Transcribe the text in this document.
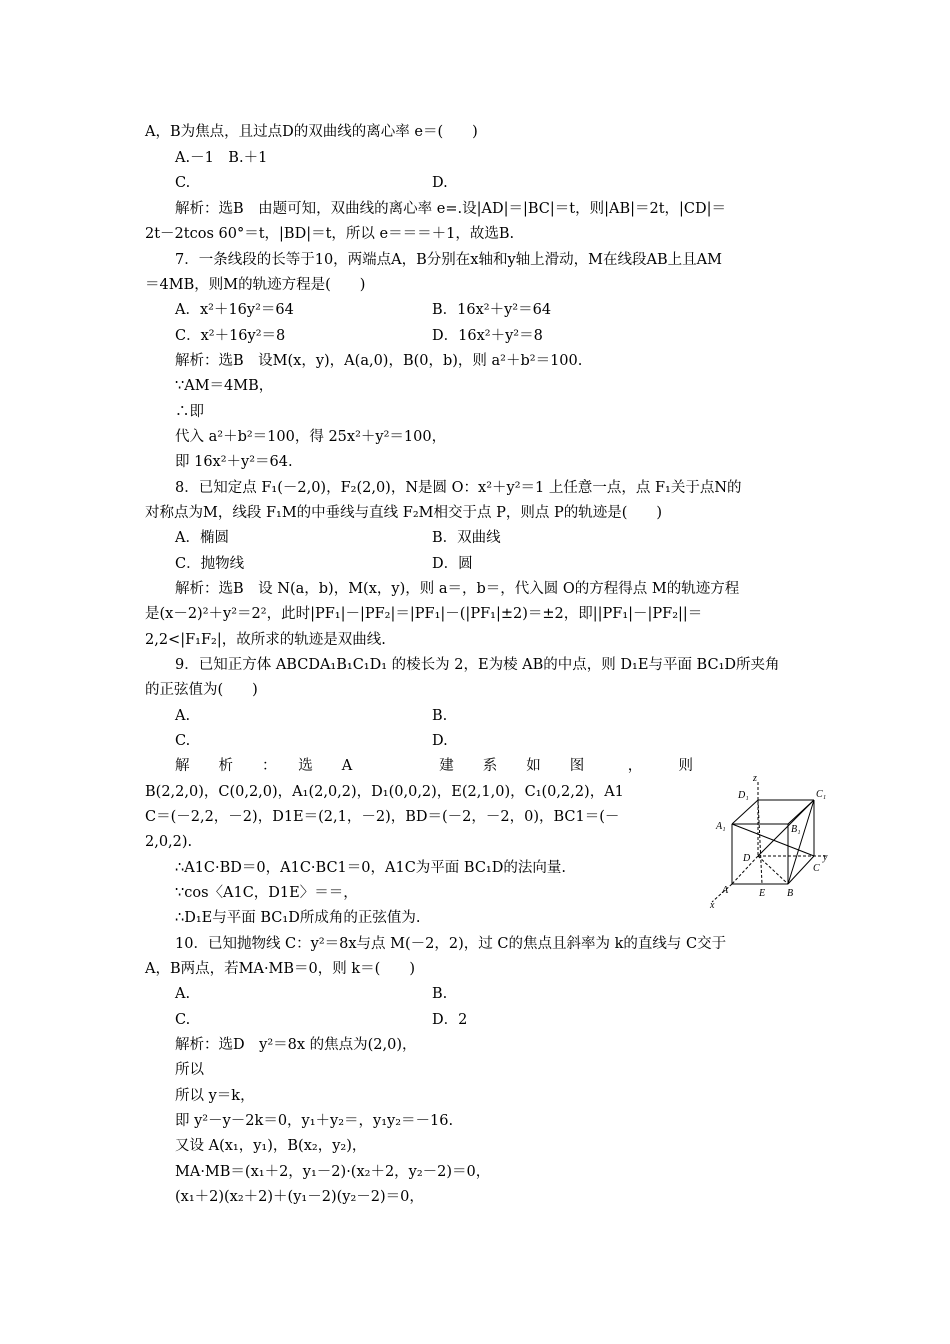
A，B为焦点，且过点D的双曲线的离心率 e＝(　　)
A.－1　B.＋1
C.	D.
解析：选B　由题可知，双曲线的离心率 e=.设|AD|＝|BC|＝t，则|AB|＝2t，|CD|＝
2t－2tcos 60°＝t，|BD|＝t，所以 e＝＝＝＋1，故选B.
7．一条线段的长等于10，两端点A，B分别在x轴和y轴上滑动，M在线段AB上且AM
＝4MB，则M的轨迹方程是(　　)
A．x²＋16y²＝64	B．16x²＋y²＝64
C．x²＋16y²＝8	D．16x²＋y²＝8
解析：选B　设M(x，y)，A(a,0)，B(0，b)，则 a²＋b²＝100.
∵AM＝4MB，
∴即
代入 a²＋b²＝100，得 25x²＋y²＝100，
即 16x²＋y²＝64.
8．已知定点 F₁(－2,0)，F₂(2,0)，N是圆 O：x²＋y²＝1 上任意一点，点 F₁关于点N的
对称点为M，线段 F₁M的中垂线与直线 F₂M相交于点 P，则点 P的轨迹是(　　)
A．椭圆	B．双曲线
C．抛物线	D．圆
解析：选B　设 N(a，b)，M(x，y)，则 a＝，b＝，代入圆 O的方程得点 M的轨迹方程
是(x－2)²＋y²＝2²，此时|PF₁|－|PF₂|＝|PF₁|－(|PF₁|±2)＝±2，即||PF₁|－|PF₂||＝
2,2<|F₁F₂|，故所求的轨迹是双曲线.
9．已知正方体 ABCDA₁B₁C₁D₁ 的棱长为 2，E为棱 AB的中点，则 D₁E与平面 BC₁D所夹角
的正弦值为(　　)
A.	B.
C.	D.
解　　析　　：　　选　　A　　　　　　建　　系　　如　　图　　　，　　　则
B(2,2,0)，C(0,2,0)，A₁(2,0,2)，D₁(0,0,2)，E(2,1,0)，C₁(0,2,2)，A1
C＝(－2,2，－2)，D1E＝(2,1，－2)，BD＝(－2，－2，0)，BC1＝(－
2,0,2).
∴A1C·BD＝0，A1C·BC1＝0，A1C为平面 BC₁D的法向量.
∵cos〈A1C，D1E〉＝＝，
∴D₁E与平面 BC₁D所成角的正弦值为.
10．已知抛物线 C：y²＝8x与点 M(－2，2)，过 C的焦点且斜率为 k的直线与 C交于
A，B两点，若MA·MB＝0，则 k＝(　　)
A.	B.
C.	D．2
解析：选D　y²＝8x 的焦点为(2,0)，
所以
所以 y＝k，
即 y²－y－2k＝0，y₁＋y₂＝，y₁y₂＝－16.
又设 A(x₁，y₁)，B(x₂，y₂)，
MA·MB＝(x₁＋2，y₁－2)·(x₂＋2，y₂－2)＝0，
(x₁＋2)(x₂＋2)＋(y₁－2)(y₂－2)＝0，
z
D₁	C₁
A₁	B₁
D	y
C
A	E B
x
